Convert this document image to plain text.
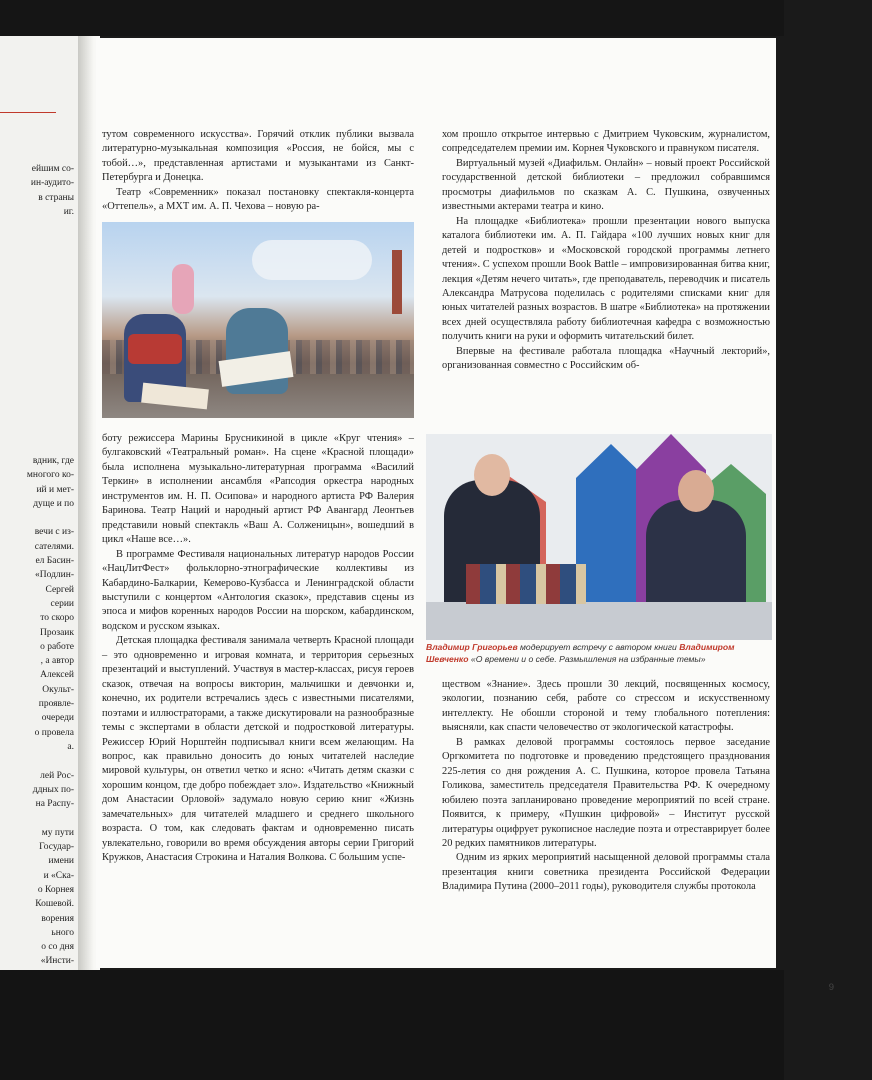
ейшим со-
ин-аудито-
в страны
иг.
вдник, где
многого ко-
ий и мет-
дуще и по

вечи с из-
сателями.
ел Басин-
«Подлин-
Сергей
серии
то скоро
Прозаик
о работе
, а автор
Алексей
Окульт-
проявле-
очереди
о провела
а.

лей Рос-
ддных по-
на Распу-

му пути
Государ-
имени
и «Ска-
о Корнея
Кошевой.
ворения
ьного
о со дня
«Инсти-

тутом современного искусства». Горячий отклик публики вызвала литературно-музыкальная композиция «Россия, не бойся, мы с тобой…», представленная артистами и музыкантами из Санкт-Петербурга и Донецка.

Театр «Современник» показал постановку спектакля-концерта «Оттепель», а МХТ им. А. П. Чехова – новую ра-

боту режиссера Марины Брусникиной в цикле «Круг чтения» – булгаковский «Театральный роман». На сцене «Красной площади» была исполнена музыкально-литературная программа «Василий Теркин» в исполнении ансамбля «Рапсодия оркестра народных инструментов им. Н. П. Осипова» и народного артиста РФ Валерия Баринова. Театр Наций и народный артист РФ Авангард Леонтьев представили новый спектакль «Ваш А. Солженицын», вошедший в цикл «Наше все…».

В программе Фестиваля национальных литератур народов России «НацЛитФест» фольклорно-этнографические коллективы из Кабардино-Балкарии, Кемерово-Кузбасса и Ленинградской области выступили с концертом «Антология сказок», представив сцены из эпоса и мифов коренных народов России на шорском, кабардинском, водском и русском языках.

Детская площадка фестиваля занимала четверть Красной площади – это одновременно и игровая комната, и территория серьезных презентаций и выступлений. Участвуя в мастер-классах, рисуя героев сказок, отвечая на вопросы викторин, мальчишки и девчонки и, конечно, их родители встречались здесь с известными писателями, поэтами и иллюстраторами, а также дискутировали на разнообразные темы с экспертами в области детской и подростковой литературы. Режиссер Юрий Норштейн подписывал книги всем желающим. На вопрос, как правильно доносить до юных читателей наследие мировой культуры, он ответил четко и ясно: «Читать детям сказки с хорошим концом, где добро побеждает зло». Издательство «Книжный дом Анастасии Орловой» задумало новую серию книг «Жизнь замечательных» для читателей младшего и среднего школьного возраста. О том, как следовать фактам и одновременно писать увлекательно, говорили во время обсуждения авторы серии Григорий Кружков, Анастасия Строкина и Наталия Волкова. С большим успе-

хом прошло открытое интервью с Дмитрием Чуковским, журналистом, сопредседателем премии им. Корнея Чуковского и правнуком писателя.

Виртуальный музей «Диафильм. Онлайн» – новый проект Российской государственной детской библиотеки – предложил собравшимся просмотры диафильмов по сказкам А. С. Пушкина, озвученных известными актерами театра и кино.

На площадке «Библиотека» прошли презентации нового выпуска каталога библиотеки им. А. П. Гайдара «100 лучших новых книг для детей и подростков» и «Московской городской программы летнего чтения». С успехом прошли Book Battle – импровизированная битва книг, лекция «Детям нечего читать», где преподаватель, переводчик и писатель Александра Матрусова поделилась с родителями списками книг для юных читателей разных возрастов. В шатре «Библиотека» на протяжении всех дней осуществляла работу библиотечная кафедра с возможностью получить книги на руки и оформить читательский билет.

Впервые на фестивале работала площадка «Научный лекторий», организованная совместно с Российским об-

Владимир Григорьев модерирует встречу с автором книги Владимиром Шевченко «О времени и о себе. Размышления на избранные темы»

ществом «Знание». Здесь прошли 30 лекций, посвященных космосу, экологии, познанию себя, работе со стрессом и искусственному интеллекту. Не обошли стороной и тему глобального потепления: выясняли, как спасти человечество от экологической катастрофы.

В рамках деловой программы состоялось первое заседание Оргкомитета по подготовке и проведению предстоящего празднования 225-летия со дня рождения А. С. Пушкина, которое провела Татьяна Голикова, заместитель председателя Правительства РФ. К очередному юбилею поэта запланировано проведение мероприятий по всей стране. Появится, к примеру, «Пушкин цифровой» – Институт русской литературы оцифрует рукописное наследие поэта и отреставрирует более 20 редких памятников литературы.

Одним из ярких мероприятий насыщенной деловой программы стала презентация книги советника президента Российской Федерации Владимира Путина (2000–2011 годы), руководителя службы протокола

9
